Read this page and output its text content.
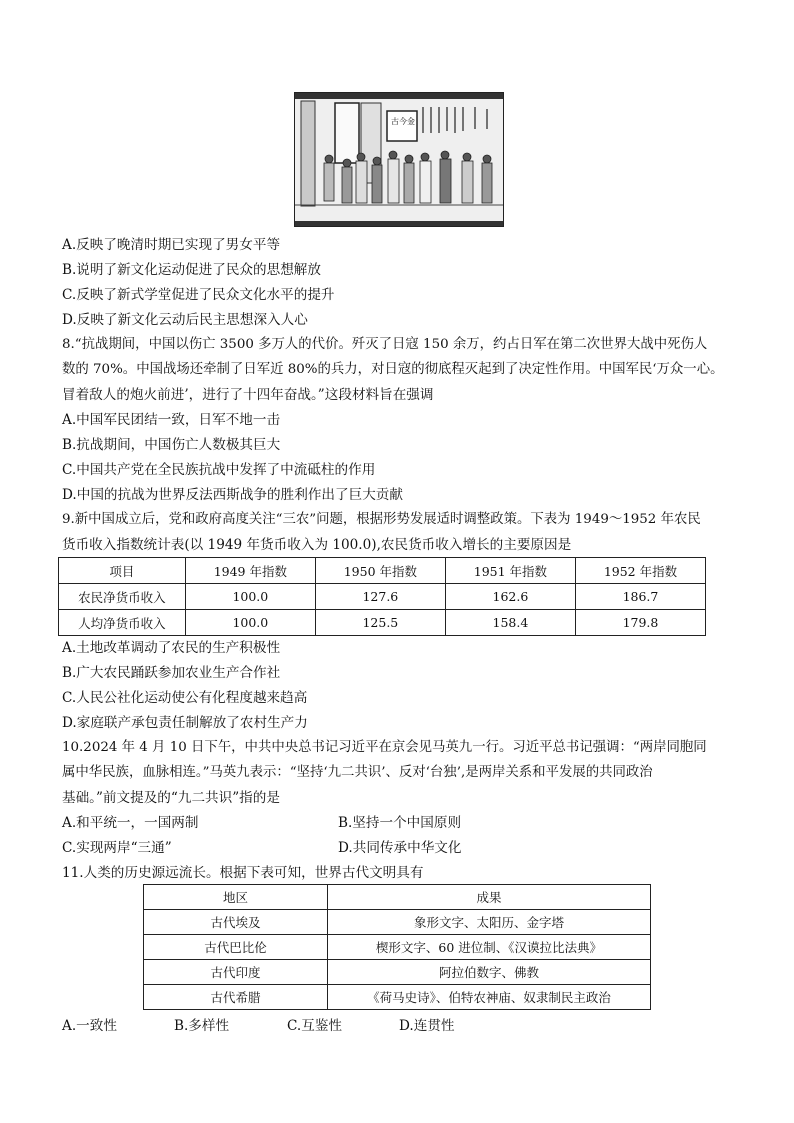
古今金
A.反映了晚清时期已实现了男女平等
B.说明了新文化运动促进了民众的思想解放
C.反映了新式学堂促进了民众文化水平的提升
D.反映了新文化云动后民主思想深入人心
8.“抗战期间，中国以伤亡 3500 多万人的代价。歼灭了日寇 150 余万，约占日军在第二次世界大战中死伤人
数的 70%。中国战场还牵制了日军近 80%的兵力，对日寇的彻底程灭起到了决定性作用。中国军民‘万众一心。
冒着敌人的炮火前进’，进行了十四年奋战。”这段材料旨在强调
A.中国军民团结一致，日军不地一击
B.抗战期间，中国伤亡人数极其巨大
C.中国共产党在全民族抗战中发挥了中流砥柱的作用
D.中国的抗战为世界反法西斯战争的胜利作出了巨大贡献
9.新中国成立后，党和政府高度关注“三农”问题，根据形势发展适时调整政策。下表为 1949～1952 年农民
货币收入指数统计表(以 1949 年货币收入为 100.0),农民货币收入增长的主要原因是
项目	1949 年指数	1950 年指数	1951 年指数	1952 年指数
农民净货币收入	100.0	127.6	162.6	186.7
人均净货币收入	100.0	125.5	158.4	179.8
A.土地改革调动了农民的生产积极性
B.广大农民踊跃参加农业生产合作社
C.人民公社化运动使公有化程度越来趋高
D.家庭联产承包责任制解放了农村生产力
10.2024 年 4 月 10 日下午，中共中央总书记习近平在京会见马英九一行。习近平总书记强调：“两岸同胞同
属中华民族，血脉相连。”马英九表示：“坚持‘九二共识’、反对‘台独’,是两岸关系和平发展的共同政治
基础。”前文提及的“九二共识”指的是
A.和平统一，一国两制	B.坚持一个中国原则
C.实现两岸“三通”	D.共同传承中华文化
11.人类的历史源远流长。根据下表可知，世界古代文明具有
地区	成果
古代埃及	象形文字、太阳历、金字塔
古代巴比伦	楔形文字、60 进位制、《汉谟拉比法典》
古代印度	阿拉伯数字、佛教
古代希腊	《荷马史诗》、伯特农神庙、奴隶制民主政治
A.一致性	B.多样性	C.互鉴性	D.连贯性
